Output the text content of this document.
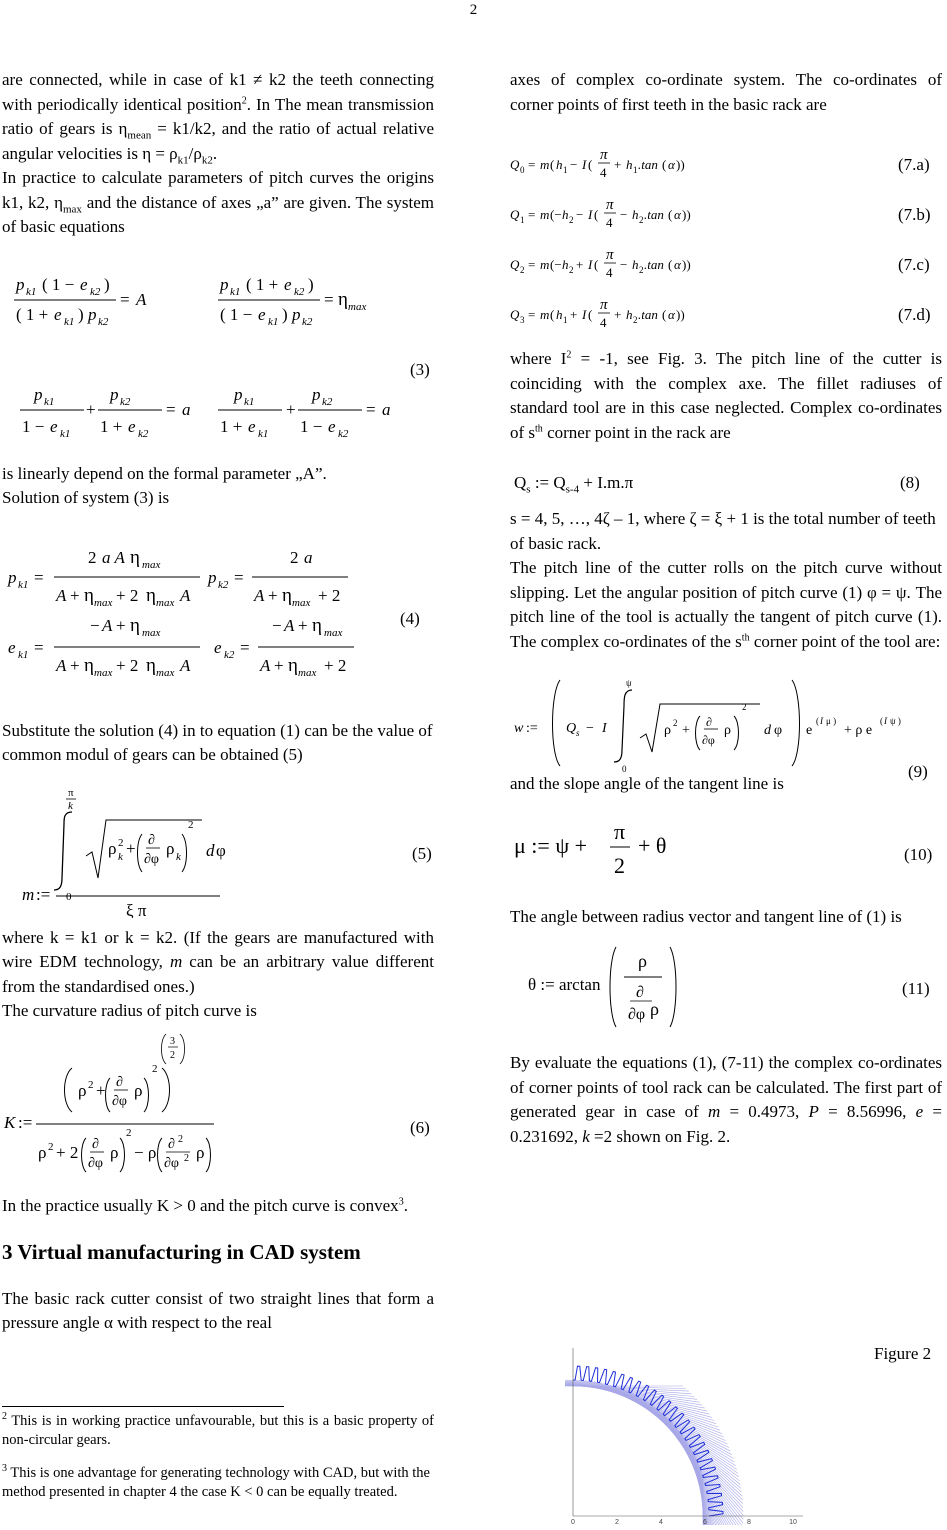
2

are connected, while in case of k1 ≠ k2 the teeth connecting with periodically identical position$^2$. In The mean transmission ratio of gears is $\eta_{mean} = k1/k2$, and the ratio of actual relative angular velocities is $\eta = \rho_{k1}/\rho_{k2}$.

In practice to calculate parameters of pitch curves the origins k1, k2, $\eta_{max}$ and the distance of axes „a” are given. The system of basic equations

p k1 ( 1 − e k2 )
( 1 + e k1 ) p k2
= A
p k1 ( 1 + e k2 )
( 1 − e k1 ) p k2
= η max
p k1
1 − e k1
+
p k2
1 + e k2
= a
p k1
1 + e k1
+
p k2
1 − e k2
= a
(3)

is linearly depend on the formal parameter „A”.

Solution of system (3) is

2 a A η max
p k1 =
A + η max + 2 η max A
p k2 =
2 a
A + η max + 2
− A + η max
e k1 =
A + η max + 2 η max A
e k2 =
− A + η max
A + η max + 2
(4)

Substitute the solution (4) in to equation (1) can be the value of common modul of gears can be obtained (5)

π
k
0
ρ 2
k + ∂
∂φ
ρ k
2
d φ
m :=
ξ π
(5)

where k = k1 or k = k2. (If the gears are manufactured with wire EDM technology, m can be an arbitrary value different from the standardised ones.)

The curvature radius of pitch curve is

ρ 2 + ∂
∂φ
ρ
2
3
2
K :=
ρ 2 + 2 ∂
∂φ
ρ
2
− ρ ∂ 2
∂φ 2 ρ
(6)

In the practice usually K > 0 and the pitch curve is convex$^3$.

3 Virtual manufacturing in CAD system

The basic rack cutter consist of two straight lines that form a pressure angle α with respect to the real

$^2$ This is in working practice unfavourable, but this is a basic property of non-circular gears.
$^3$ This is one advantage for generating technology with CAD, but with the method presented in chapter 4 the case K < 0 can be equally treated.

axes of complex co-ordinate system. The co-ordinates of corner points of first teeth in the basic rack are

Q 0 = m ( h 1 − I (
π
4
+ h 1 .tan ( α ))
Q 1 = m (− h 2 − I (
π
4
− h 2 .tan ( α ))
Q 2 = m (− h 2 + I (
π
4
− h 2 .tan ( α ))
Q 3 = m ( h 1 + I (
π
4
+ h 2 .tan ( α ))
(7.a)
(7.b)
(7.c)
(7.d)

where $I^2 = -1$, see Fig. 3. The pitch line of the cutter is coinciding with the complex axe. The fillet radiuses of standard tool are in this case neglected. Complex co-ordinates of $s^{th}$ corner point in the rack are

$Q_s$ := $Q_{s-4} + I.m.\pi$	(8)

s = 4, 5, …, 4ζ – 1, where ζ = ξ + 1 is the total number of teeth of basic rack.

The pitch line of the cutter rolls on the pitch curve without slipping. Let the angular position of pitch curve (1) φ = ψ. The pitch line of the tool is actually the tangent of pitch curve (1). The complex co-ordinates of the $s^{th}$ corner point of the tool are:

w := Q s − I
ψ
0
ρ 2 +
∂
∂φ
ρ
2
d φ e
( I μ )
+ ρ e
( I ψ )

and the slope angle of the tangent line is
(9)

μ := ψ +
π
2
+ θ	(10)

The angle between radius vector and tangent line of (1) is

θ := arctan
ρ
∂
∂φ ρ
(11)

By evaluate the equations (1), (7-11) the complex co-ordinates of corner points of tool rack can be calculated. The first part of generated gear in case of m = 0.4973, P = 8.56996, e = 0.231692, k =2 shown on Fig. 2.

0	2	4	6	8	10
Figure 2
